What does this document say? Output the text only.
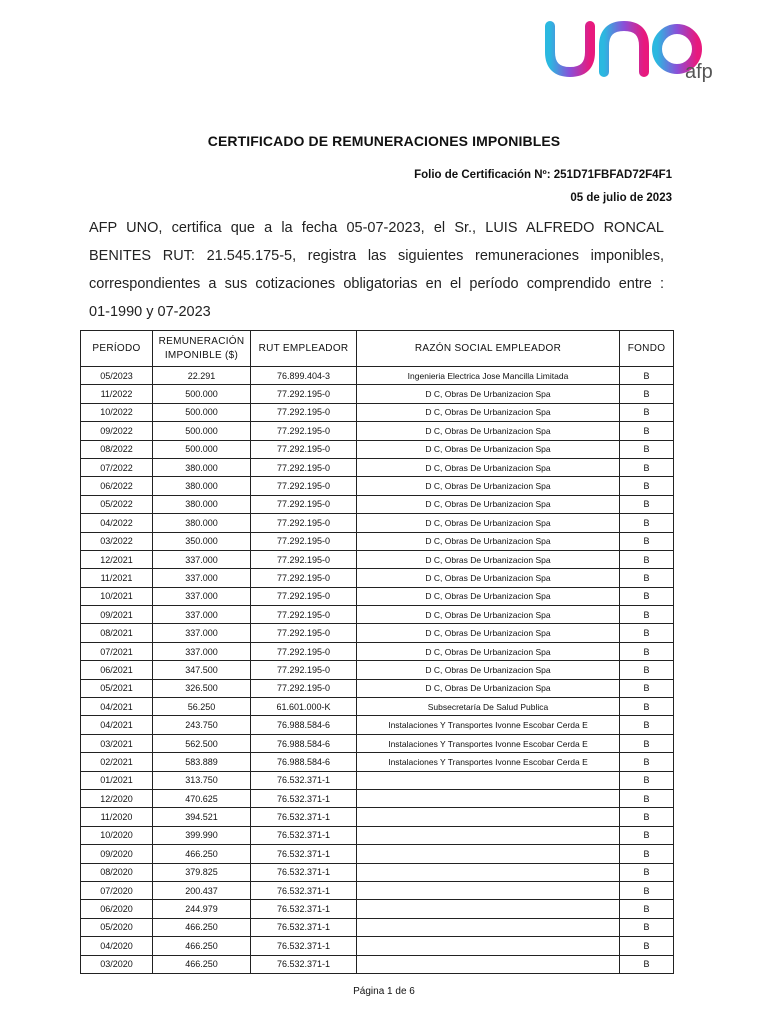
afp
CERTIFICADO DE REMUNERACIONES IMPONIBLES
Folio de Certificación Nº: 251D71FBFAD72F4F1
05 de julio de 2023
AFP UNO, certifica que a la fecha 05-07-2023, el Sr., LUIS ALFREDO RONCAL
BENITES RUT: 21.545.175-5, registra las siguientes remuneraciones imponibles,
correspondientes a sus cotizaciones obligatorias en el período comprendido entre :
01-1990 y 07-2023
PERÍODO	REMUNERACIÓN IMPONIBLE ($)	RUT EMPLEADOR	RAZÓN SOCIAL EMPLEADOR	FONDO
05/2023	22.291	76.899.404-3	Ingenieria Electrica Jose Mancilla Limitada	B
11/2022	500.000	77.292.195-0	D C, Obras De Urbanizacion Spa	B
10/2022	500.000	77.292.195-0	D C, Obras De Urbanizacion Spa	B
09/2022	500.000	77.292.195-0	D C, Obras De Urbanizacion Spa	B
08/2022	500.000	77.292.195-0	D C, Obras De Urbanizacion Spa	B
07/2022	380.000	77.292.195-0	D C, Obras De Urbanizacion Spa	B
06/2022	380.000	77.292.195-0	D C, Obras De Urbanizacion Spa	B
05/2022	380.000	77.292.195-0	D C, Obras De Urbanizacion Spa	B
04/2022	380.000	77.292.195-0	D C, Obras De Urbanizacion Spa	B
03/2022	350.000	77.292.195-0	D C, Obras De Urbanizacion Spa	B
12/2021	337.000	77.292.195-0	D C, Obras De Urbanizacion Spa	B
11/2021	337.000	77.292.195-0	D C, Obras De Urbanizacion Spa	B
10/2021	337.000	77.292.195-0	D C, Obras De Urbanizacion Spa	B
09/2021	337.000	77.292.195-0	D C, Obras De Urbanizacion Spa	B
08/2021	337.000	77.292.195-0	D C, Obras De Urbanizacion Spa	B
07/2021	337.000	77.292.195-0	D C, Obras De Urbanizacion Spa	B
06/2021	347.500	77.292.195-0	D C, Obras De Urbanizacion Spa	B
05/2021	326.500	77.292.195-0	D C, Obras De Urbanizacion Spa	B
04/2021	56.250	61.601.000-K	Subsecretaría De Salud Publica	B
04/2021	243.750	76.988.584-6	Instalaciones Y Transportes Ivonne Escobar Cerda E	B
03/2021	562.500	76.988.584-6	Instalaciones Y Transportes Ivonne Escobar Cerda E	B
02/2021	583.889	76.988.584-6	Instalaciones Y Transportes Ivonne Escobar Cerda E	B
01/2021	313.750	76.532.371-1		B
12/2020	470.625	76.532.371-1		B
11/2020	394.521	76.532.371-1		B
10/2020	399.990	76.532.371-1		B
09/2020	466.250	76.532.371-1		B
08/2020	379.825	76.532.371-1		B
07/2020	200.437	76.532.371-1		B
06/2020	244.979	76.532.371-1		B
05/2020	466.250	76.532.371-1		B
04/2020	466.250	76.532.371-1		B
03/2020	466.250	76.532.371-1		B
Página 1 de 6
